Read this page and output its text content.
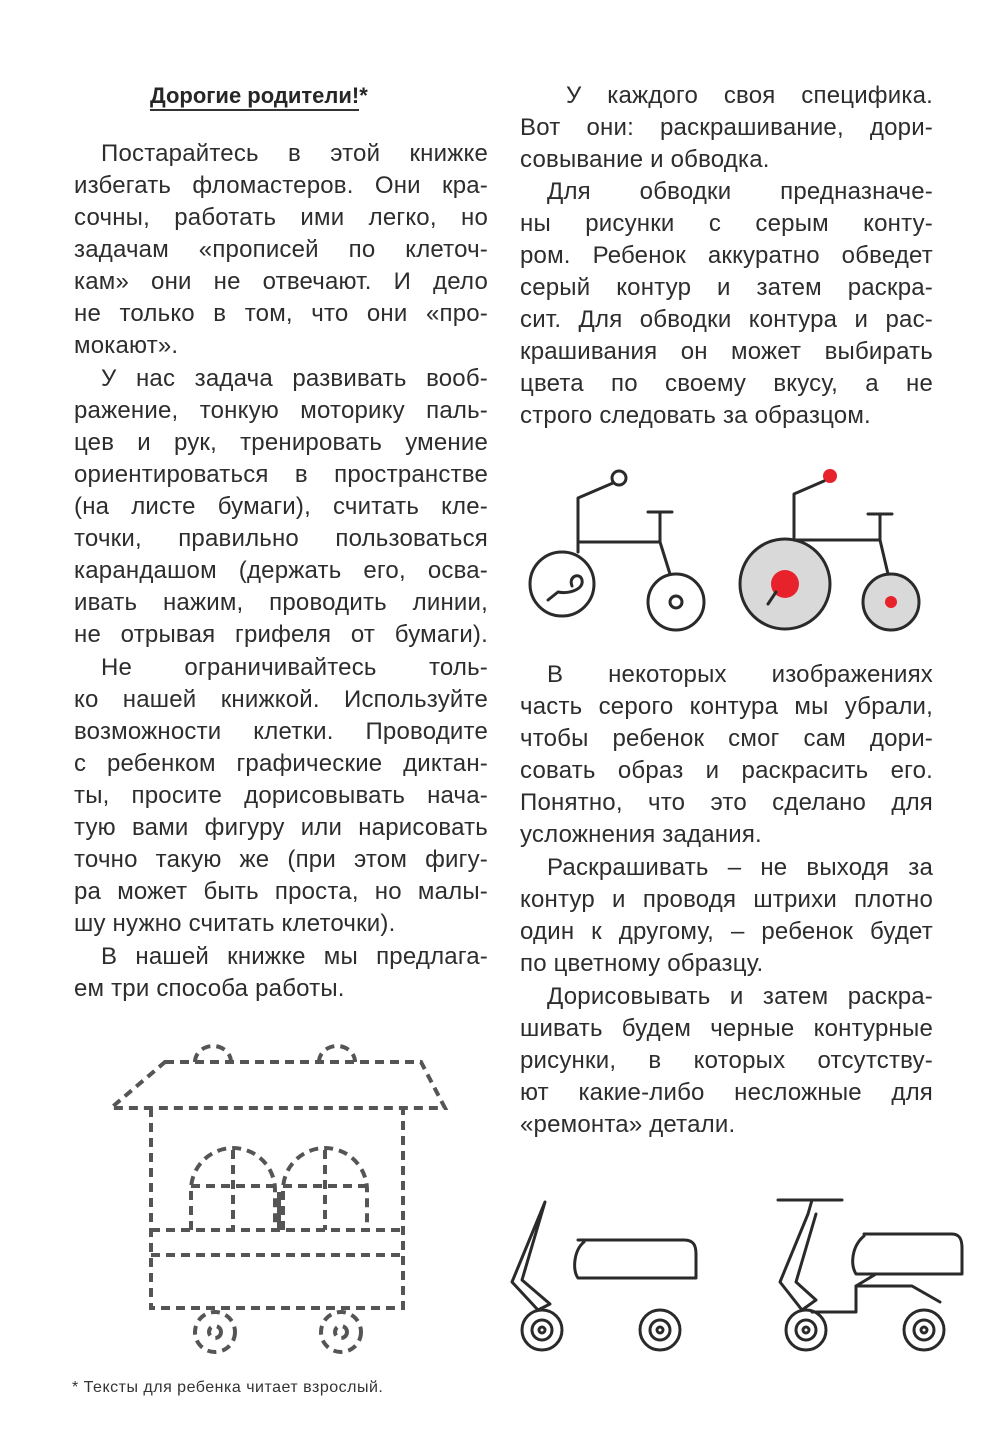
Дорогие родители!*
Постарайтесь в этой книжке
избегать фломастеров. Они кра-
сочны, работать ими легко, но
задачам «прописей по клеточ-
кам» они не отвечают. И дело
не только в том, что они «про-
мокают».
У нас задача развивать вооб-
ражение, тонкую моторику паль-
цев и рук, тренировать умение
ориентироваться в пространстве
(на листе бумаги), считать кле-
точки, правильно пользоваться
карандашом (держать его, осва-
ивать нажим, проводить линии,
не отрывая грифеля от бумаги).
Не ограничивайтесь толь-
ко нашей книжкой. Используйте
возможности клетки. Проводите
с ребенком графические диктан-
ты, просите дорисовывать нача-
тую вами фигуру или нарисовать
точно такую же (при этом фигу-
ра может быть проста, но малы-
шу нужно считать клеточки).
В нашей книжке мы предлага-
ем три способа работы.
У каждого своя специфика.
Вот они: раскрашивание, дори-
совывание и обводка.
Для обводки предназначе-
ны рисунки с серым конту-
ром. Ребенок аккуратно обведет
серый контур и затем раскра-
сит. Для обводки контура и рас-
крашивания он может выбирать
цвета по своему вкусу, а не
строго следовать за образцом.
В некоторых изображениях
часть серого контура мы убрали,
чтобы ребенок смог сам дори-
совать образ и раскрасить его.
Понятно, что это сделано для
усложнения задания.
Раскрашивать – не выходя за
контур и проводя штрихи плотно
один к другому, – ребенок будет
по цветному образцу.
Дорисовывать и затем раскра-
шивать будем черные контурные
рисунки, в которых отсутству-
ют какие-либо несложные для
«ремонта» детали.
* Тексты для ребенка читает взрослый.
